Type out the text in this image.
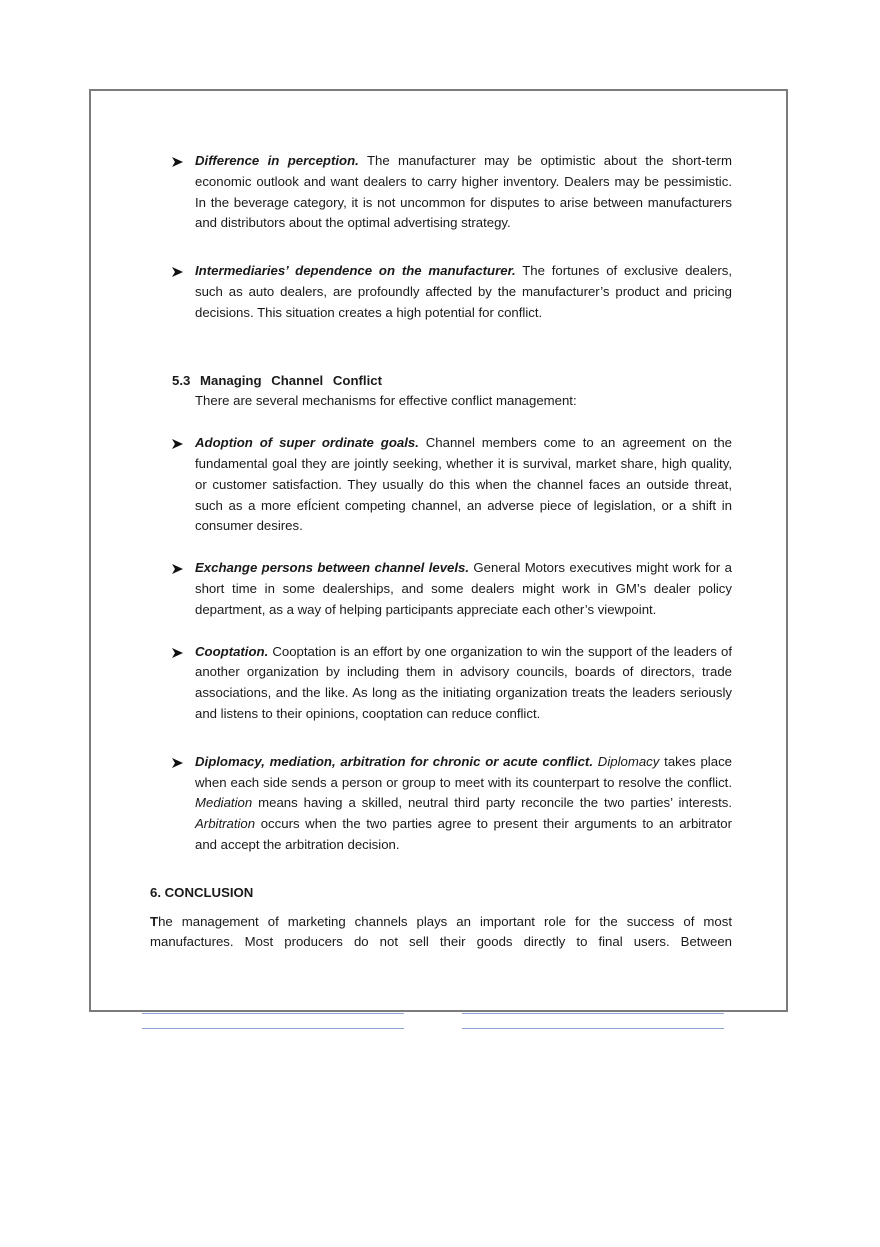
Difference in perception. The manufacturer may be optimistic about the short-term economic outlook and want dealers to carry higher inventory. Dealers may be pessimistic. In the beverage category, it is not uncommon for disputes to arise between manufacturers and distributors about the optimal advertising strategy.
Intermediaries’ dependence on the manufacturer. The fortunes of exclusive dealers, such as auto dealers, are profoundly affected by the manufacturer’s product and pricing decisions. This situation creates a high potential for conflict.
5.3 Managing Channel Conflict
There are several mechanisms for effective conflict management:
Adoption of super ordinate goals. Channel members come to an agreement on the fundamental goal they are jointly seeking, whether it is survival, market share, high quality, or customer satisfaction. They usually do this when the channel faces an outside threat, such as a more efÍcient competing channel, an adverse piece of legislation, or a shift in consumer desires.
Exchange persons between channel levels. General Motors executives might work for a short time in some dealerships, and some dealers might work in GM’s dealer policy department, as a way of helping participants appreciate each other’s viewpoint.
Cooptation. Cooptation is an effort by one organization to win the support of the leaders of another organization by including them in advisory councils, boards of directors, trade associations, and the like. As long as the initiating organization treats the leaders seriously and listens to their opinions, cooptation can reduce conflict.
Diplomacy, mediation, arbitration for chronic or acute conflict. Diplomacy takes place when each side sends a person or group to meet with its counterpart to resolve the conflict. Mediation means having a skilled, neutral third party reconcile the two parties’ interests. Arbitration occurs when the two parties agree to present their arguments to an arbitrator and accept the arbitration decision.
6. CONCLUSION
The management of marketing channels plays an important role for the success of most manufactures. Most producers do not sell their goods directly to final users. Between
